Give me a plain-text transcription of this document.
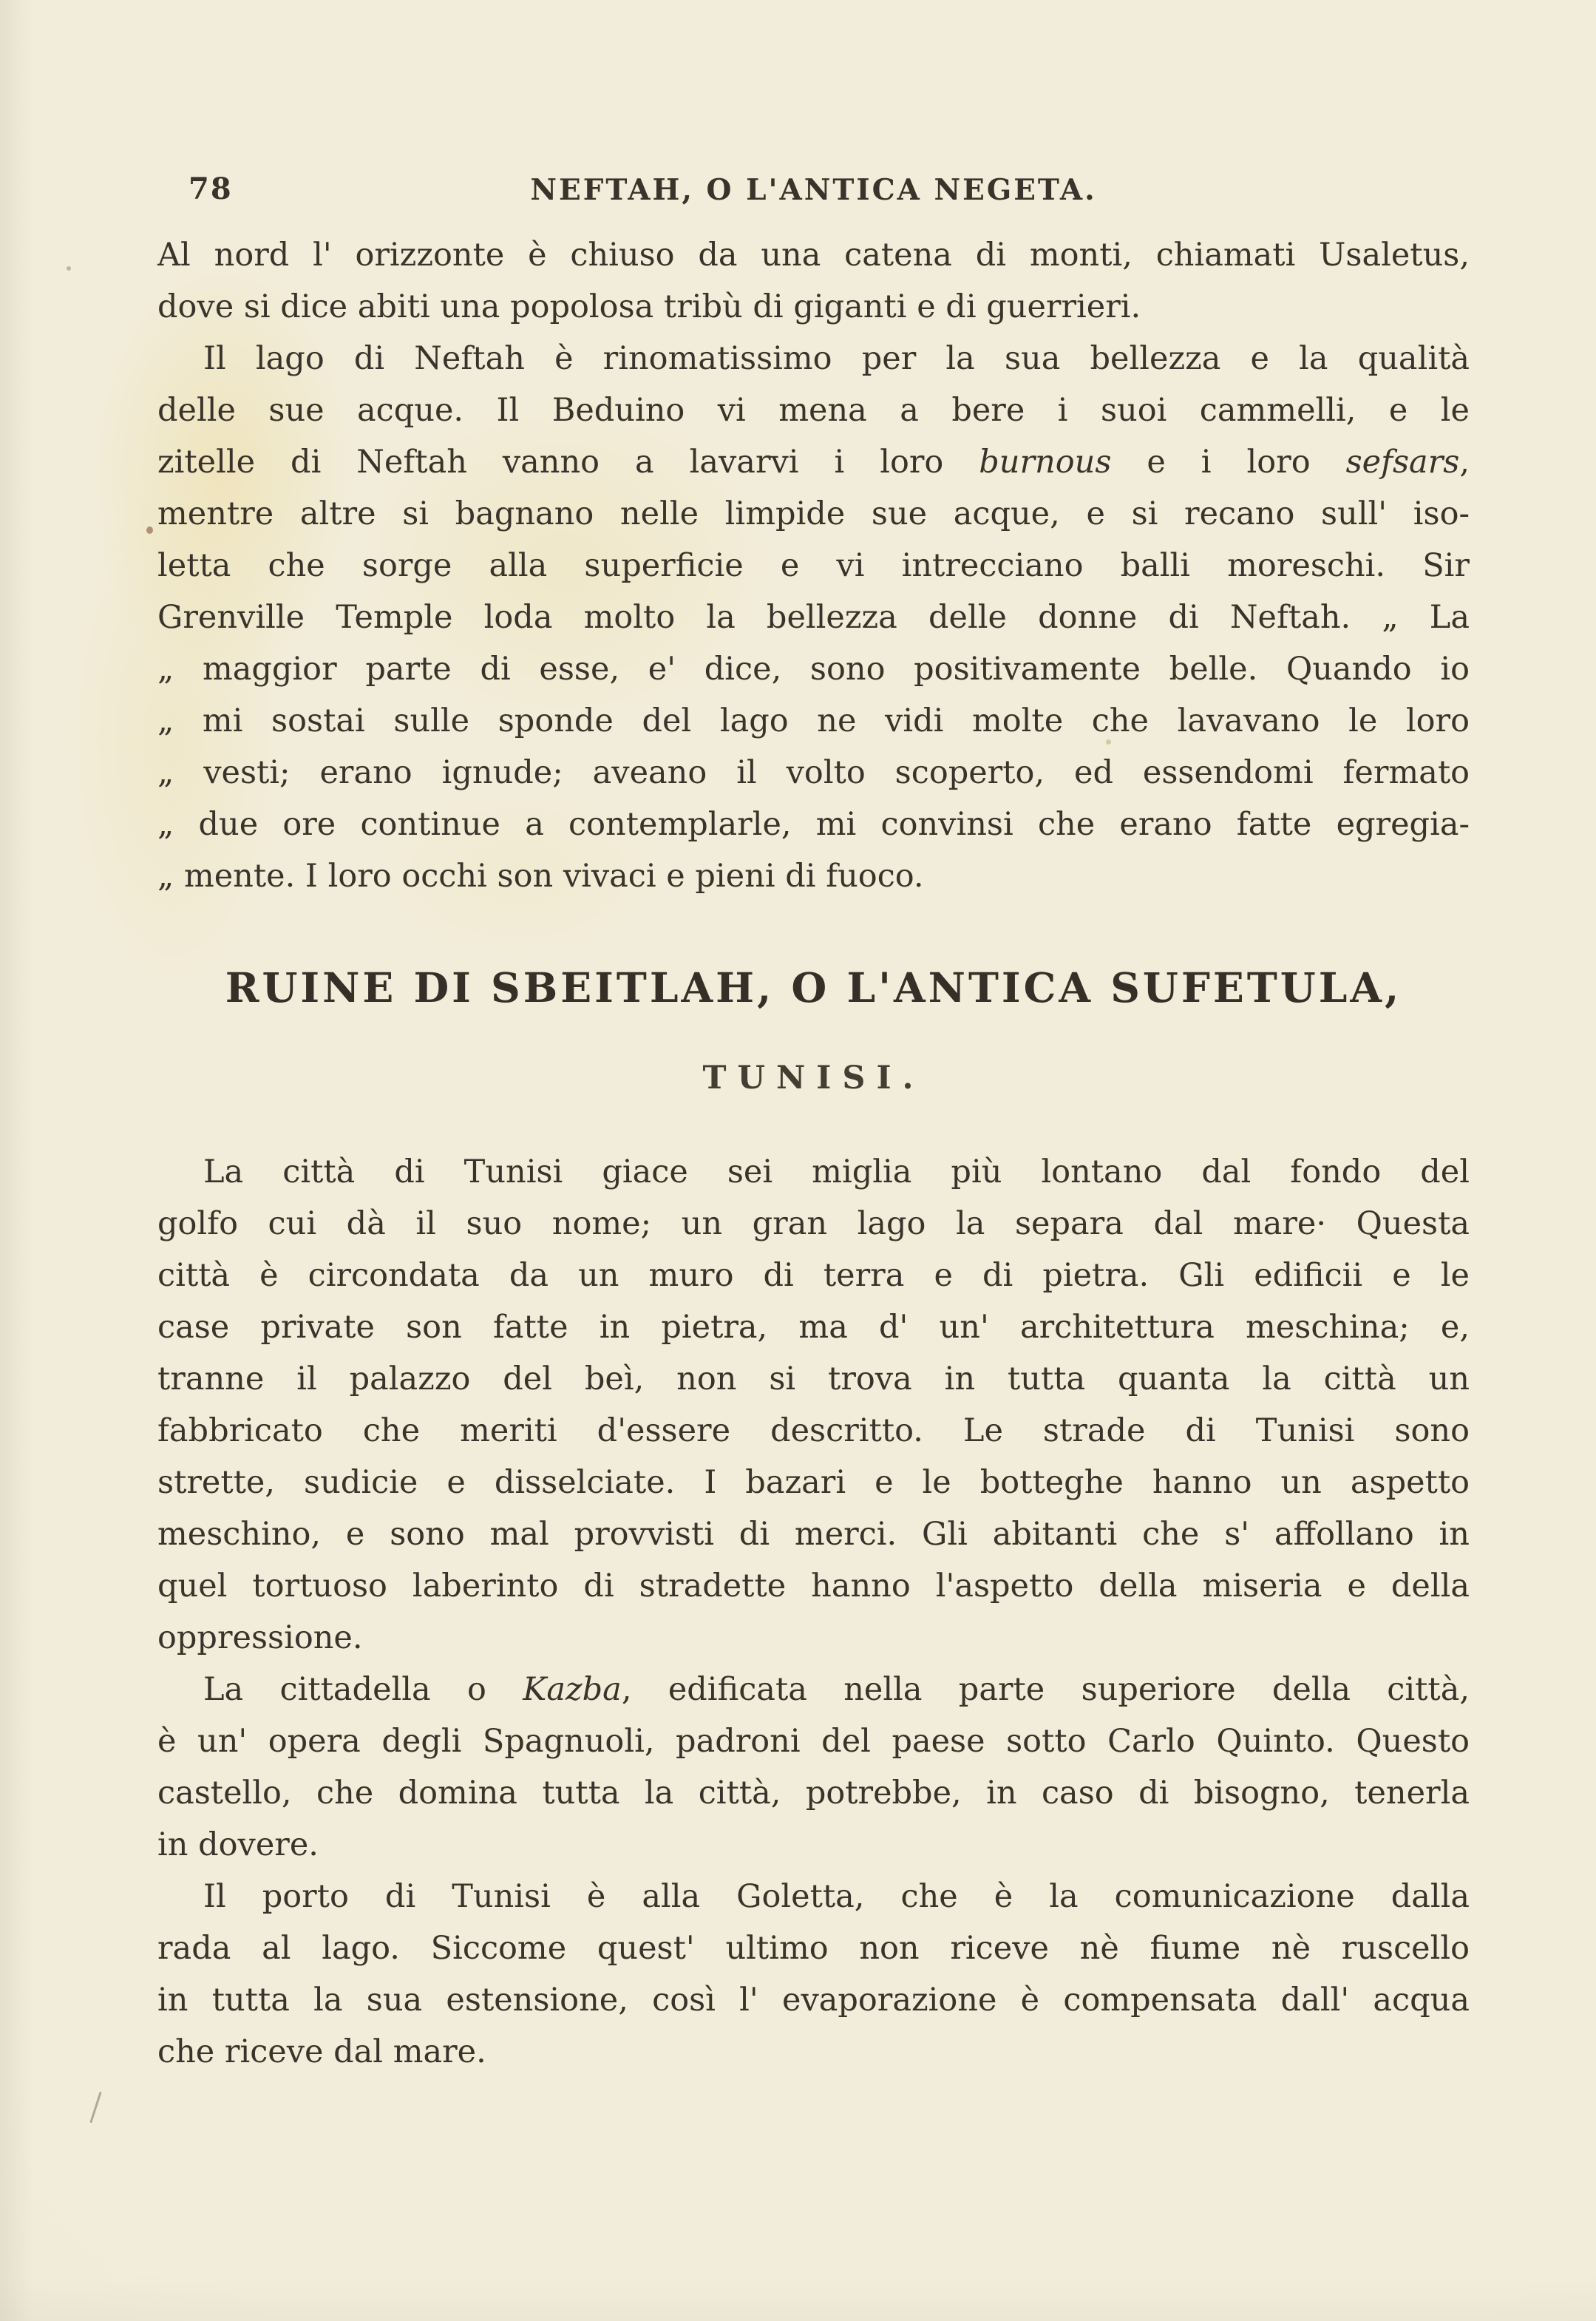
78	NEFTAH, O L'ANTICA NEGETA.
Al nord l' orizzonte è chiuso da una catena di monti, chiamati Usaletus,
dove si dice abiti una popolosa tribù di giganti e di guerrieri.
Il lago di Neftah è rinomatissimo per la sua bellezza e la qualità
delle sue acque. Il Beduino vi mena a bere i suoi cammelli, e le
zitelle di Neftah vanno a lavarvi i loro burnous e i loro sefsars,
mentre altre si bagnano nelle limpide sue acque, e si recano sull' iso-
letta che sorge alla superficie e vi intrecciano balli moreschi. Sir
Grenville Temple loda molto la bellezza delle donne di Neftah. „ La
„ maggior parte di esse, e' dice, sono positivamente belle. Quando io
„ mi sostai sulle sponde del lago ne vidi molte che lavavano le loro
„ vesti; erano ignude; aveano il volto scoperto, ed essendomi fermato
„ due ore continue a contemplarle, mi convinsi che erano fatte egregia-
„ mente. I loro occhi son vivaci e pieni di fuoco.
La città di Tunisi giace sei miglia più lontano dal fondo del
golfo cui dà il suo nome; un gran lago la separa dal mare· Questa
città è circondata da un muro di terra e di pietra. Gli edificii e le
case private son fatte in pietra, ma d' un' architettura meschina; e,
tranne il palazzo del beì, non si trova in tutta quanta la città un
fabbricato che meriti d'essere descritto. Le strade di Tunisi sono
strette, sudicie e disselciate. I bazari e le botteghe hanno un aspetto
meschino, e sono mal provvisti di merci. Gli abitanti che s' affollano in
quel tortuoso laberinto di stradette hanno l'aspetto della miseria e della
oppressione.
La cittadella o Kazba, edificata nella parte superiore della città,
è un' opera degli Spagnuoli, padroni del paese sotto Carlo Quinto. Questo
castello, che domina tutta la città, potrebbe, in caso di bisogno, tenerla
in dovere.
Il porto di Tunisi è alla Goletta, che è la comunicazione dalla
rada al lago. Siccome quest' ultimo non riceve nè fiume nè ruscello
in tutta la sua estensione, così l' evaporazione è compensata dall' acqua
che riceve dal mare.
RUINE DI SBEITLAH, O L'ANTICA SUFETULA,
TUNISI.
